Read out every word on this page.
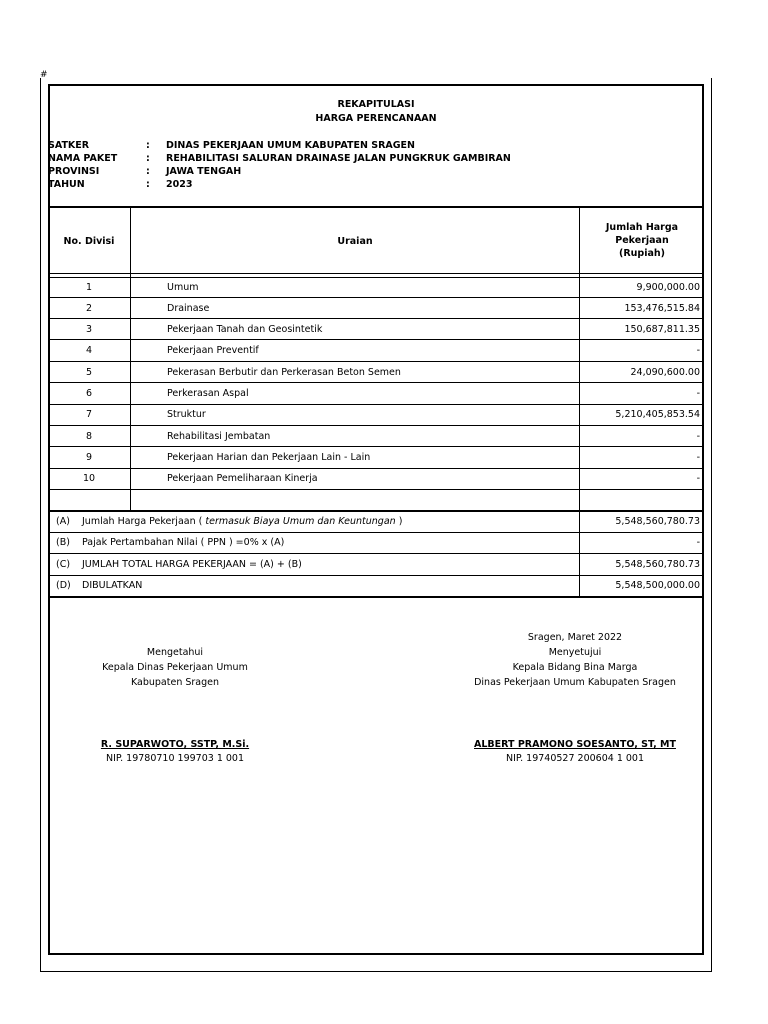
#
REKAPITULASI
HARGA PERENCANAAN
SATKER	: DINAS PEKERJAAN UMUM KABUPATEN SRAGEN
NAMA PAKET	: REHABILITASI SALURAN DRAINASE JALAN PUNGKRUK GAMBIRAN
PROVINSI	: JAWA TENGAH
TAHUN	: 2023
No. Divisi	Uraian
Jumlah Harga
Pekerjaan
(Rupiah)
1	Umum	9,900,000.00
2	Drainase	153,476,515.84
3	Pekerjaan Tanah dan Geosintetik	150,687,811.35
4	Pekerjaan Preventif	-
5	Pekerasan Berbutir dan Perkerasan Beton Semen	24,090,600.00
6	Perkerasan Aspal	-
7	Struktur	5,210,405,853.54
8	Rehabilitasi Jembatan	-
9	Pekerjaan Harian dan Pekerjaan Lain - Lain	-
10	Pekerjaan Pemeliharaan Kinerja	-
(A) Jumlah Harga Pekerjaan ( termasuk Biaya Umum dan Keuntungan )	5,548,560,780.73
(B) Pajak Pertambahan Nilai ( PPN ) =0% x (A)	-
(C) JUMLAH TOTAL HARGA PEKERJAAN = (A) + (B)	5,548,560,780.73
(D) DIBULATKAN	5,548,500,000.00
Mengetahui
Kepala Dinas Pekerjaan Umum
Kabupaten Sragen
R. SUPARWOTO, SSTP, M.Si.
NIP. 19780710 199703 1 001
Sragen, Maret 2022
Menyetujui
Kepala Bidang Bina Marga
Dinas Pekerjaan Umum Kabupaten Sragen
ALBERT PRAMONO SOESANTO, ST, MT
NIP. 19740527 200604 1 001
